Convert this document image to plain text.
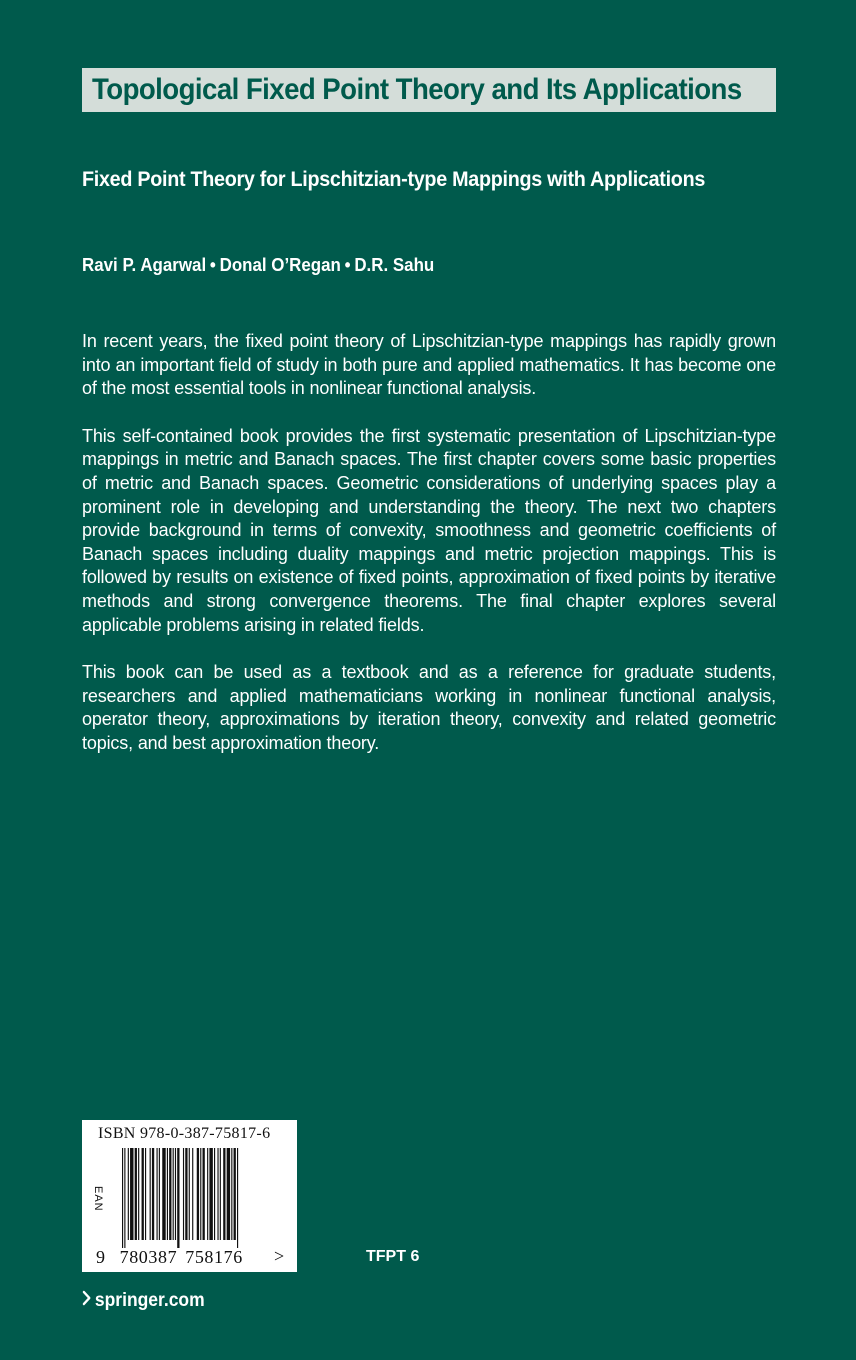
Topological Fixed Point Theory and Its Applications
Fixed Point Theory for Lipschitzian-type Mappings with Applications
Ravi P. Agarwal • Donal O’Regan • D.R. Sahu

In recent years, the fixed point theory of Lipschitzian-type mappings has rapidly grown into an important field of study in both pure and applied mathematics. It has become one of the most essential tools in nonlinear functional analysis.

This self-contained book provides the first systematic presentation of Lipschitzian-type mappings in metric and Banach spaces. The first chapter covers some basic properties of metric and Banach spaces. Geometric considerations of underlying spaces play a prominent role in developing and understanding the theory. The next two chapters provide background in terms of convexity, smoothness and geometric coefficients of Banach spaces including duality mappings and metric projection mappings. This is followed by results on existence of fixed points, approximation of fixed points by iterative methods and strong convergence theorems. The final chapter explores several applicable problems arising in related fields.

This book can be used as a textbook and as a reference for graduate students, researchers and applied mathematicians working in nonlinear functional analysis, operator theory, approximations by iteration theory, convexity and related geometric topics, and best approximation theory.

ISBN 978-0-387-75817-6
EAN
9 780387 758176 >	TFPT 6
springer.com
